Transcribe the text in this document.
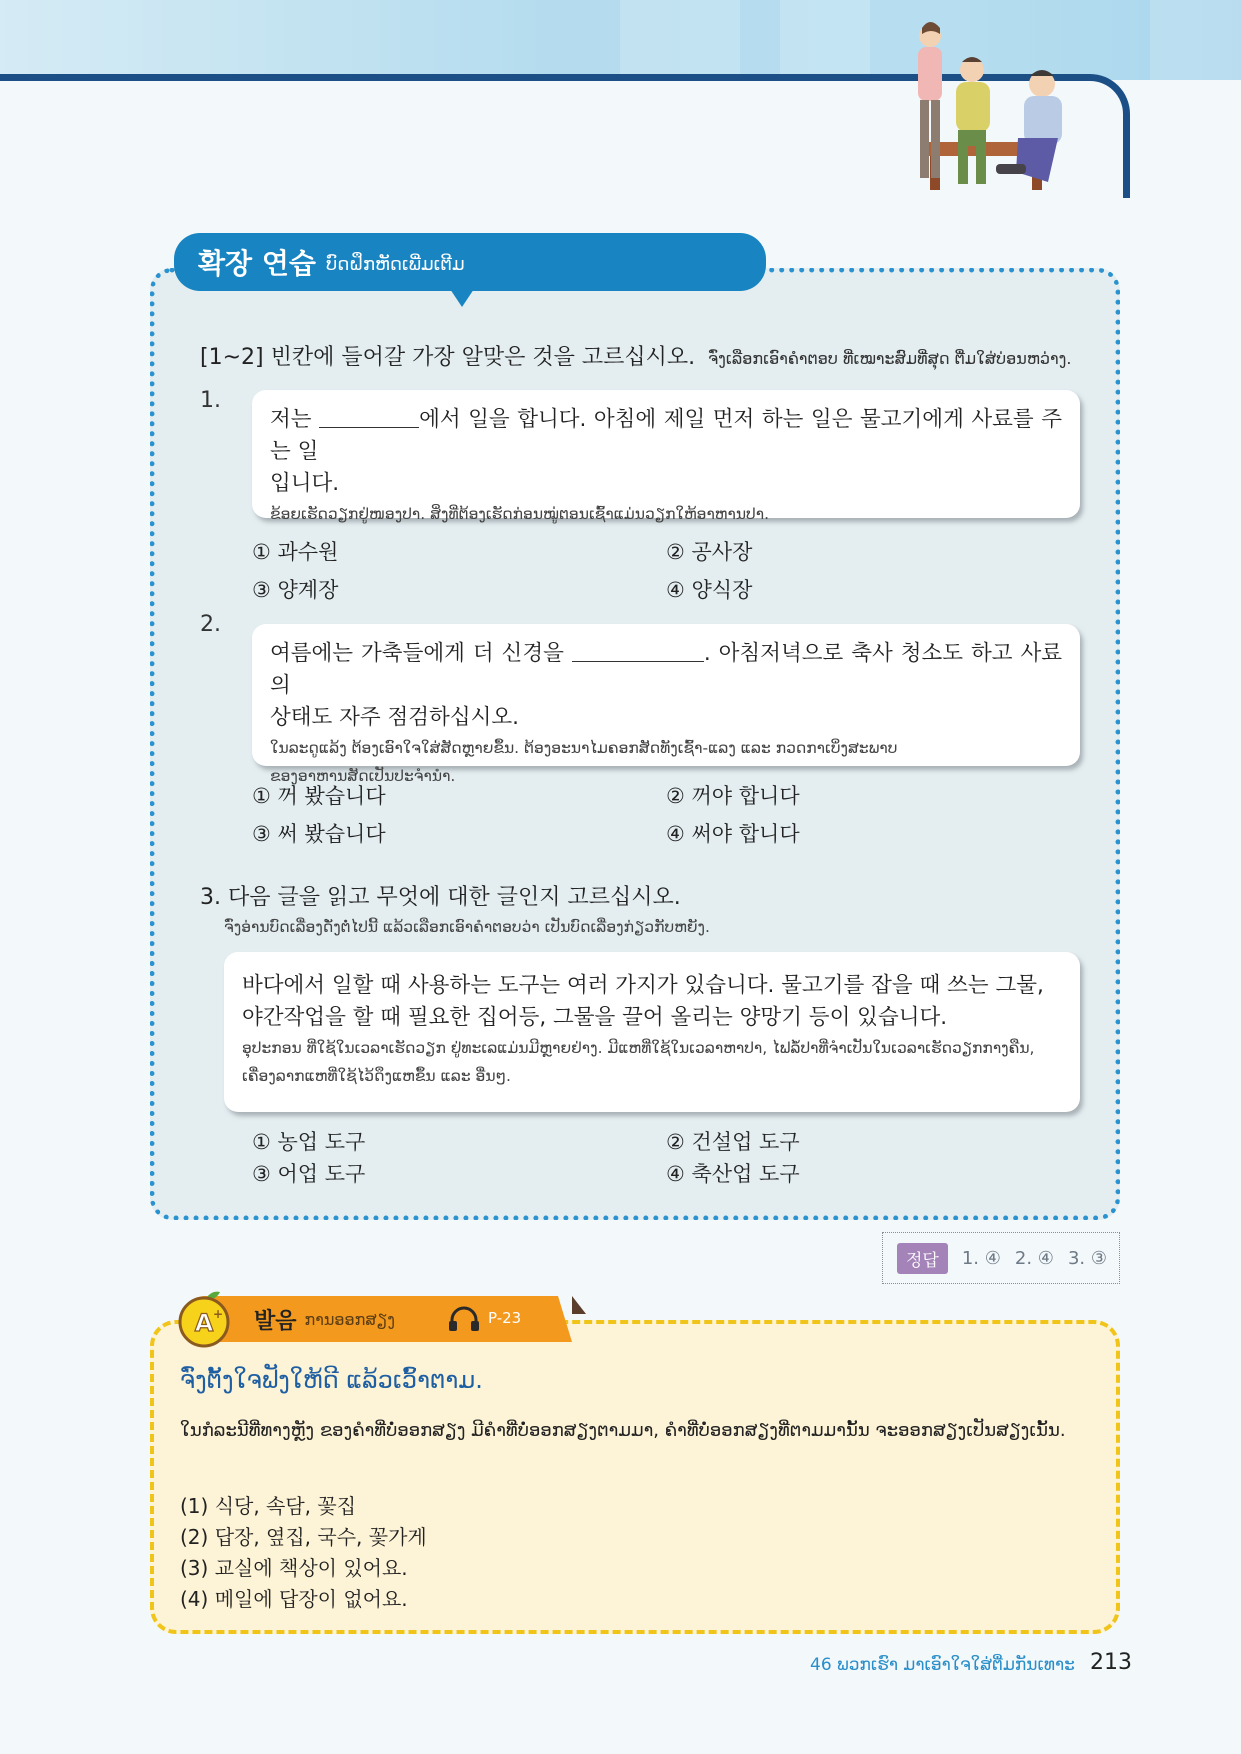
확장 연습 ບົດຝຶກຫັດເພີ່ມເຕີມ
[1~2] 빈칸에 들어갈 가장 알맞은 것을 고르십시오. ຈົ່ງເລືອກເອົາຄຳຕອບ ທີ່ເໝາະສົມທີ່ສຸດ ຕື່ມໃສ່ບ່ອນຫວ່າງ.
1.
저는	에서 일을 합니다. 아침에 제일 먼저 하는 일은 물고기에게 사료를 주는 일
입니다.
ຂ້ອຍເຮັດວຽກຢູ່ໜອງປາ. ສິ່ງທີ່ຕ້ອງເຮັດກ່ອນໝູ່ຕອນເຊົ້າແມ່ນວຽກໃຫ້ອາຫານປາ.
① 과수원	② 공사장
③ 양계장	④ 양식장
2.
여름에는 가축들에게 더 신경을	. 아침저녁으로 축사 청소도 하고 사료의
상태도 자주 점검하십시오.
ໃນລະດູແລ້ງ ຕ້ອງເອົາໃຈໃສ່ສັດຫຼາຍຂຶ້ນ. ຕ້ອງອະນາໄມຄອກສັດທັງເຊົ້າ-ແລງ ແລະ ກວດກາເບິ່ງສະພາບ
ຂອງອາຫານສັດເປັນປະຈຳນຳ.
① 꺼 봤습니다	② 꺼야 합니다
③ 써 봤습니다	④ 써야 합니다
3. 다음 글을 읽고 무엇에 대한 글인지 고르십시오.
ຈົ່ງອ່ານບົດເລື່ອງດັ່ງຕໍ່ໄປນີ້ ແລ້ວເລືອກເອົາຄຳຕອບວ່າ ເປັນບົດເລື່ອງກ່ຽວກັບຫຍັງ.
바다에서 일할 때 사용하는 도구는 여러 가지가 있습니다. 물고기를 잡을 때 쓰는 그물,
야간작업을 할 때 필요한 집어등, 그물을 끌어 올리는 양망기 등이 있습니다.
ອຸປະກອນ ທີ່ໃຊ້ໃນເວລາເຮັດວຽກ ຢູ່ທະເລແມ່ນມີຫຼາຍຢ່າງ. ມີແຫທີ່ໃຊ້ໃນເວລາຫາປາ, ໄຟລໍ້ປາທີ່ຈຳເປັນໃນເວລາເຮັດວຽກກາງຄືນ,
ເຄື່ອງລາກແຫທີ່ໃຊ້ໄວ້ດຶງແຫຂຶ້ນ ແລະ ອື່ນໆ.
① 농업 도구	② 건설업 도구
③ 어업 도구	④ 축산업 도구
정답	1. ④ 2. ④ 3. ③
발음 ການອອກສຽງ	P-23
A +
ຈົ່ງຕັ້ງໃຈຟັງໃຫ້ດີ ແລ້ວເວົ້າຕາມ.
ໃນກໍລະນີທີ່ທາງຫຼັງ ຂອງຄຳທີ່ບໍ່ອອກສຽງ ມີຄຳທີ່ບໍ່ອອກສຽງຕາມມາ, ຄຳທີ່ບໍ່ອອກສຽງທີ່ຕາມມານັ້ນ ຈະອອກສຽງເປັນສຽງເນັ້ນ.
(1) 식당, 속담, 꽃집
(2) 답장, 옆집, 국수, 꽃가게
(3) 교실에 책상이 있어요.
(4) 메일에 답장이 없어요.
46 ພວກເຮົາ ມາເອົາໃຈໃສ່ຕື່ມກັນເທາະ 213
